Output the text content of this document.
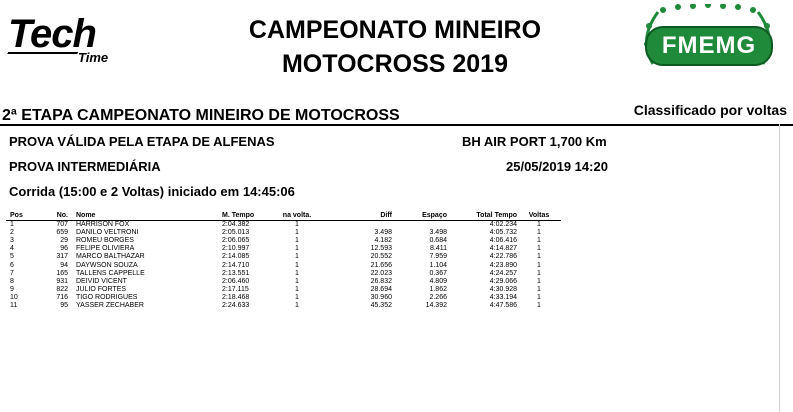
Tech
Time
CAMPEONATO MINEIRO
MOTOCROSS 2019
FMEMG
2ª ETAPA CAMPEONATO MINEIRO DE MOTOCROSS	Classificado por voltas
PROVA VÁLIDA PELA ETAPA DE ALFENAS	BH AIR PORT 1,700 Km
PROVA INTERMEDIÁRIA	25/05/2019 14:20
Corrida (15:00 e 2 Voltas) iniciado em 14:45:06
Pos	No.	Nome	M. Tempo	na volta.	Diff	Espaço	Total Tempo	Voltas
1	707	HARRISON FOX	2:04.382	1			4:02.234	1
2	659	DANILO VELTRONI	2:05.013	1	3.498	3.498	4:05.732	1
3	29	ROMEU BORGES	2:06.065	1	4.182	0.684	4:06.416	1
4	96	FELIPE OLIVIERA	2:10.997	1	12.593	8.411	4:14.827	1
5	317	MARCO BALTHAZAR	2:14.085	1	20.552	7.959	4:22.786	1
6	94	DAYWSON SOUZA	2:14.710	1	21.656	1.104	4:23.890	1
7	165	TALLENS CAPPELLE	2:13.551	1	22.023	0.367	4:24.257	1
8	931	DEIVID VICENT	2:06.460	1	26.832	4.809	4:29.066	1
9	822	JULIO FORTES	2:17.115	1	28.694	1.862	4:30.928	1
10	716	TIGO RODRIGUES	2:18.468	1	30.960	2.266	4:33.194	1
11	95	YASSER ZECHABER	2:24.633	1	45.352	14.392	4:47.586	1
